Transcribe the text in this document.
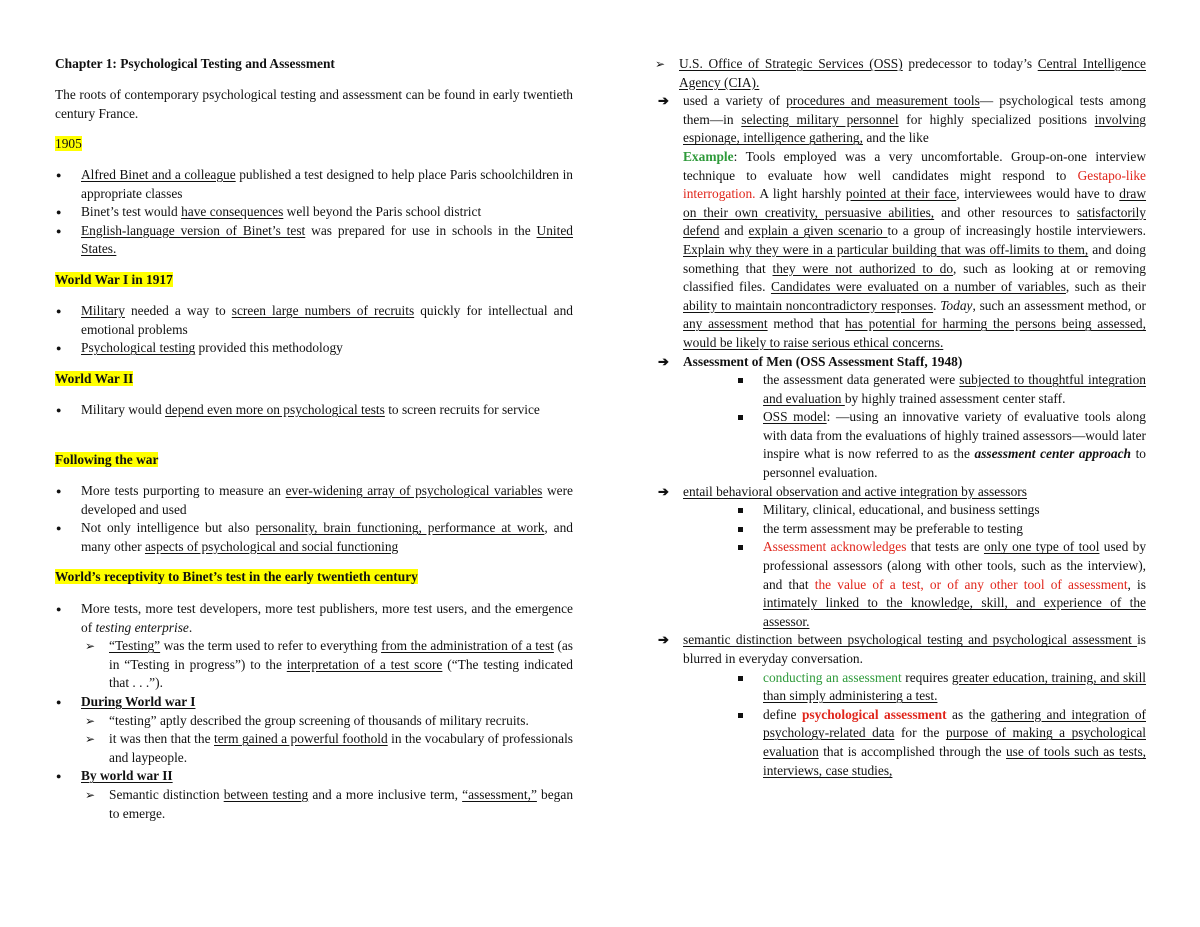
Chapter 1: Psychological Testing and Assessment

The roots of contemporary psychological testing and assessment can be found in early twentieth century France.

1905

● Alfred Binet and a colleague published a test designed to help place Paris schoolchildren in appropriate classes

● Binet’s test would have consequences well beyond the Paris school district

● English-language version of Binet’s test was prepared for use in schools in the United States.

World War I in 1917

● Military needed a way to screen large numbers of recruits quickly for intellectual and emotional problems

● Psychological testing provided this methodology

World War II

● Military would depend even more on psychological tests to screen recruits for service

Following the war

● More tests purporting to measure an ever-widening array of psychological variables were developed and used

● Not only intelligence but also personality, brain functioning, performance at work, and many other aspects of psychological and social functioning

World’s receptivity to Binet’s test in the early twentieth century

● More tests, more test developers, more test publishers, more test users, and the emergence of testing enterprise.

➢ “Testing” was the term used to refer to everything from the administration of a test (as in “Testing in progress”) to the interpretation of a test score (“The testing indicated that . . .”).

● During World war I

➢ “testing” aptly described the group screening of thousands of military recruits.

➢ it was then that the term gained a powerful foothold in the vocabulary of professionals and laypeople.

● By world war II

➢ Semantic distinction between testing and a more inclusive term, “assessment,” began to emerge.

➢ U.S. Office of Strategic Services (OSS) predecessor to today’s Central Intelligence Agency (CIA).

➔ used a variety of procedures and measurement tools— psychological tests among them—in selecting military personnel for highly specialized positions involving espionage, intelligence gathering, and the like

Example: Tools employed was a very uncomfortable. Group-on-one interview technique to evaluate how well candidates might respond to Gestapo-like interrogation. A light harshly pointed at their face, interviewees would have to draw on their own creativity, persuasive abilities, and other resources to satisfactorily defend and explain a given scenario to a group of increasingly hostile interviewers. Explain why they were in a particular building that was off-limits to them, and doing something that they were not authorized to do, such as looking at or removing classified files. Candidates were evaluated on a number of variables, such as their ability to maintain noncontradictory responses. Today, such an assessment method, or any assessment method that has potential for harming the persons being assessed, would be likely to raise serious ethical concerns.

➔ Assessment of Men (OSS Assessment Staff, 1948)

the assessment data generated were subjected to thoughtful integration and evaluation by highly trained assessment center staff.

OSS model: —using an innovative variety of evaluative tools along with data from the evaluations of highly trained assessors—would later inspire what is now referred to as the assessment center approach to personnel evaluation.

➔ entail behavioral observation and active integration by assessors

Military, clinical, educational, and business settings

the term assessment may be preferable to testing

Assessment acknowledges that tests are only one type of tool used by professional assessors (along with other tools, such as the interview), and that the value of a test, or of any other tool of assessment, is intimately linked to the knowledge, skill, and experience of the assessor.

➔ semantic distinction between psychological testing and psychological assessment is blurred in everyday conversation.

conducting an assessment requires greater education, training, and skill than simply administering a test.

define psychological assessment as the gathering and integration of psychology-related data for the purpose of making a psychological evaluation that is accomplished through the use of tools such as tests, interviews, case studies,
